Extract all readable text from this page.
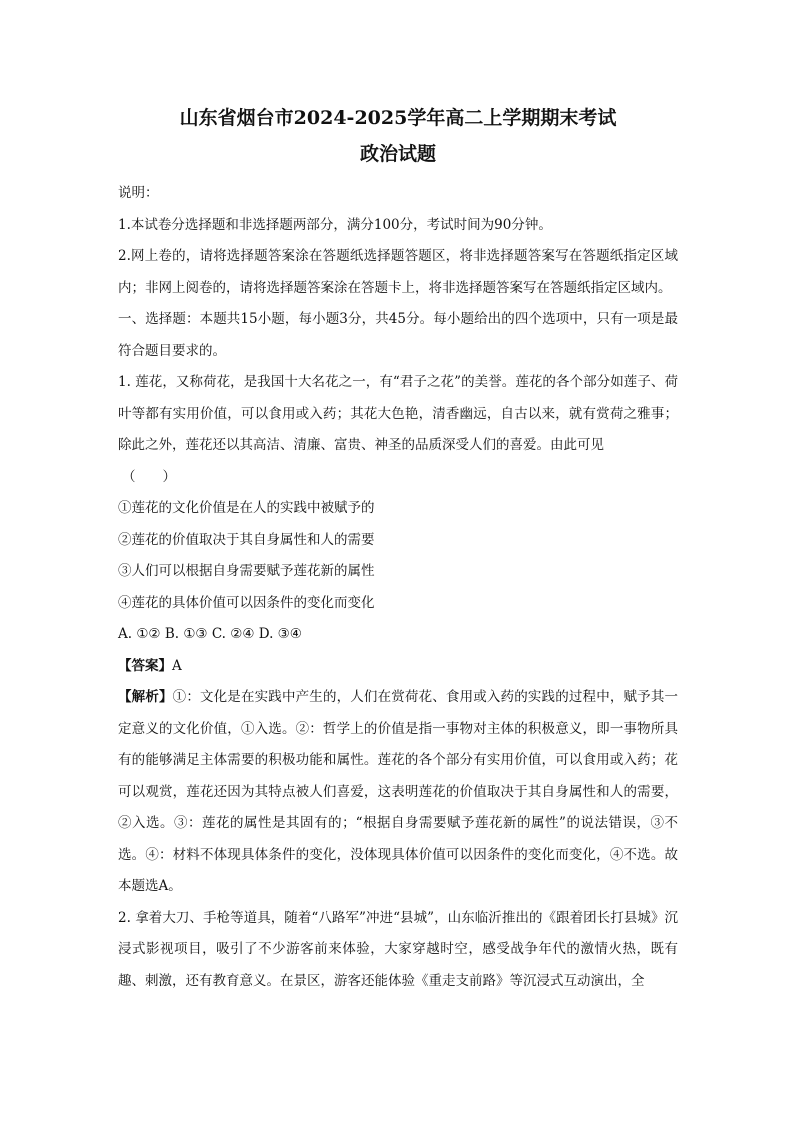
山东省烟台市2024-2025学年高二上学期期末考试

政治试题

说明：

1.本试卷分选择题和非选择题两部分，满分100分，考试时间为90分钟。

2.网上卷的，请将选择题答案涂在答题纸选择题答题区，将非选择题答案写在答题纸指定区域内；非网上阅卷的，请将选择题答案涂在答题卡上，将非选择题答案写在答题纸指定区域内。

一、选择题：本题共15小题，每小题3分，共45分。每小题给出的四个选项中，只有一项是最符合题目要求的。

1. 莲花，又称荷花，是我国十大名花之一，有“君子之花”的美誉。莲花的各个部分如莲子、荷叶等都有实用价值，可以食用或入药；其花大色艳，清香幽远，自古以来，就有赏荷之雅事；除此之外，莲花还以其高洁、清廉、富贵、神圣的品质深受人们的喜爱。由此可见

（　　）

①莲花的文化价值是在人的实践中被赋予的

②莲花的价值取决于其自身属性和人的需要

③人们可以根据自身需要赋予莲花新的属性

④莲花的具体价值可以因条件的变化而变化

A. ①② B. ①③ C. ②④ D. ③④

【答案】A

【解析】①：文化是在实践中产生的，人们在赏荷花、食用或入药的实践的过程中，赋予其一定意义的文化价值，①入选。②：哲学上的价值是指一事物对主体的积极意义，即一事物所具有的能够满足主体需要的积极功能和属性。莲花的各个部分有实用价值，可以食用或入药；花可以观赏，莲花还因为其特点被人们喜爱，这表明莲花的价值取决于其自身属性和人的需要，②入选。③：莲花的属性是其固有的；“根据自身需要赋予莲花新的属性”的说法错误，③不选。④：材料不体现具体条件的变化，没体现具体价值可以因条件的变化而变化，④不选。故本题选A。

2. 拿着大刀、手枪等道具，随着“八路军”冲进“县城”，山东临沂推出的《跟着团长打县城》沉浸式影视项目，吸引了不少游客前来体验，大家穿越时空，感受战争年代的激情火热，既有趣、刺激，还有教育意义。在景区，游客还能体验《重走支前路》等沉浸式互动演出，全
